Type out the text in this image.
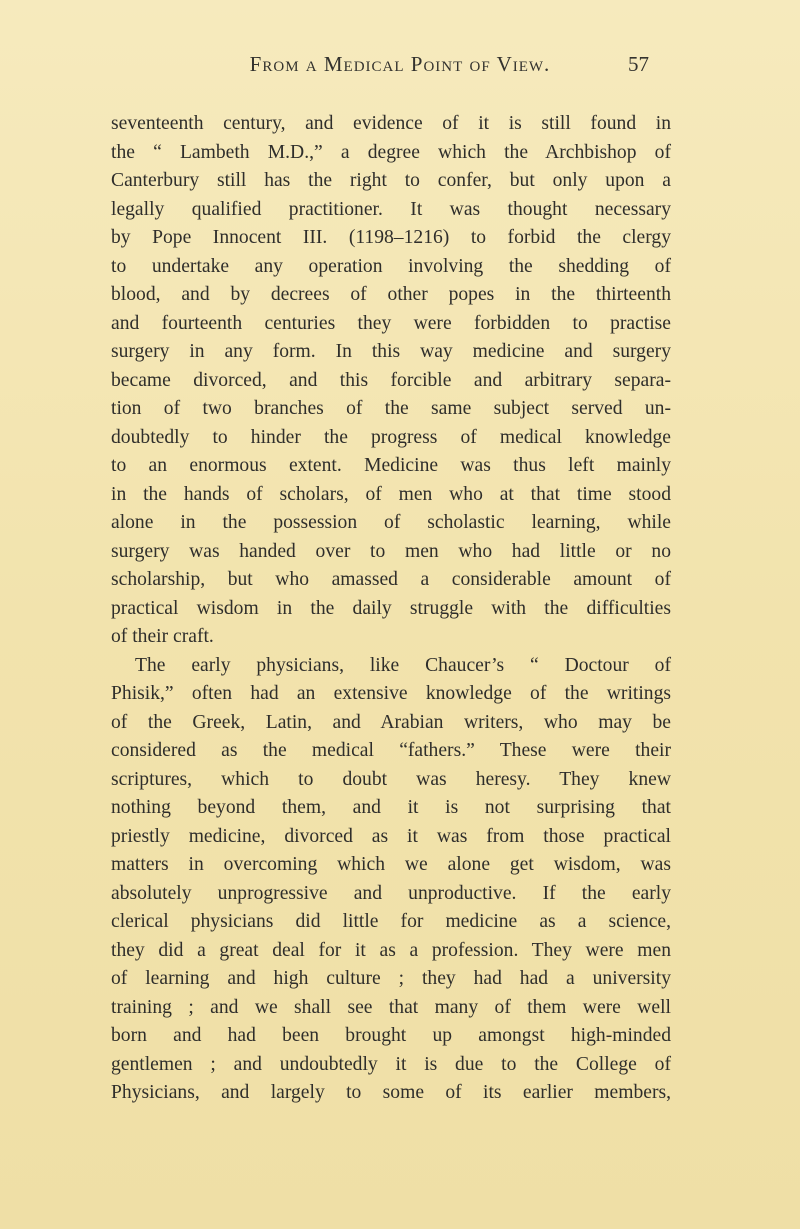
From a Medical Point of View.	57
seventeenth century, and evidence of it is still found in
the “ Lambeth M.D.,” a degree which the Archbishop of
Canterbury still has the right to confer, but only upon a
legally qualified practitioner. It was thought necessary
by Pope Innocent III. (1198–1216) to forbid the clergy
to undertake any operation involving the shedding of
blood, and by decrees of other popes in the thirteenth
and fourteenth centuries they were forbidden to practise
surgery in any form. In this way medicine and surgery
became divorced, and this forcible and arbitrary separa-
tion of two branches of the same subject served un-
doubtedly to hinder the progress of medical knowledge
to an enormous extent. Medicine was thus left mainly
in the hands of scholars, of men who at that time stood
alone in the possession of scholastic learning, while
surgery was handed over to men who had little or no
scholarship, but who amassed a considerable amount of
practical wisdom in the daily struggle with the difficulties
of their craft.
The early physicians, like Chaucer’s “ Doctour of
Phisik,” often had an extensive knowledge of the writings
of the Greek, Latin, and Arabian writers, who may be
considered as the medical “fathers.” These were their
scriptures, which to doubt was heresy. They knew
nothing beyond them, and it is not surprising that
priestly medicine, divorced as it was from those practical
matters in overcoming which we alone get wisdom, was
absolutely unprogressive and unproductive. If the early
clerical physicians did little for medicine as a science,
they did a great deal for it as a profession. They were men
of learning and high culture ; they had had a university
training ; and we shall see that many of them were well
born and had been brought up amongst high-minded
gentlemen ; and undoubtedly it is due to the College of
Physicians, and largely to some of its earlier members,
